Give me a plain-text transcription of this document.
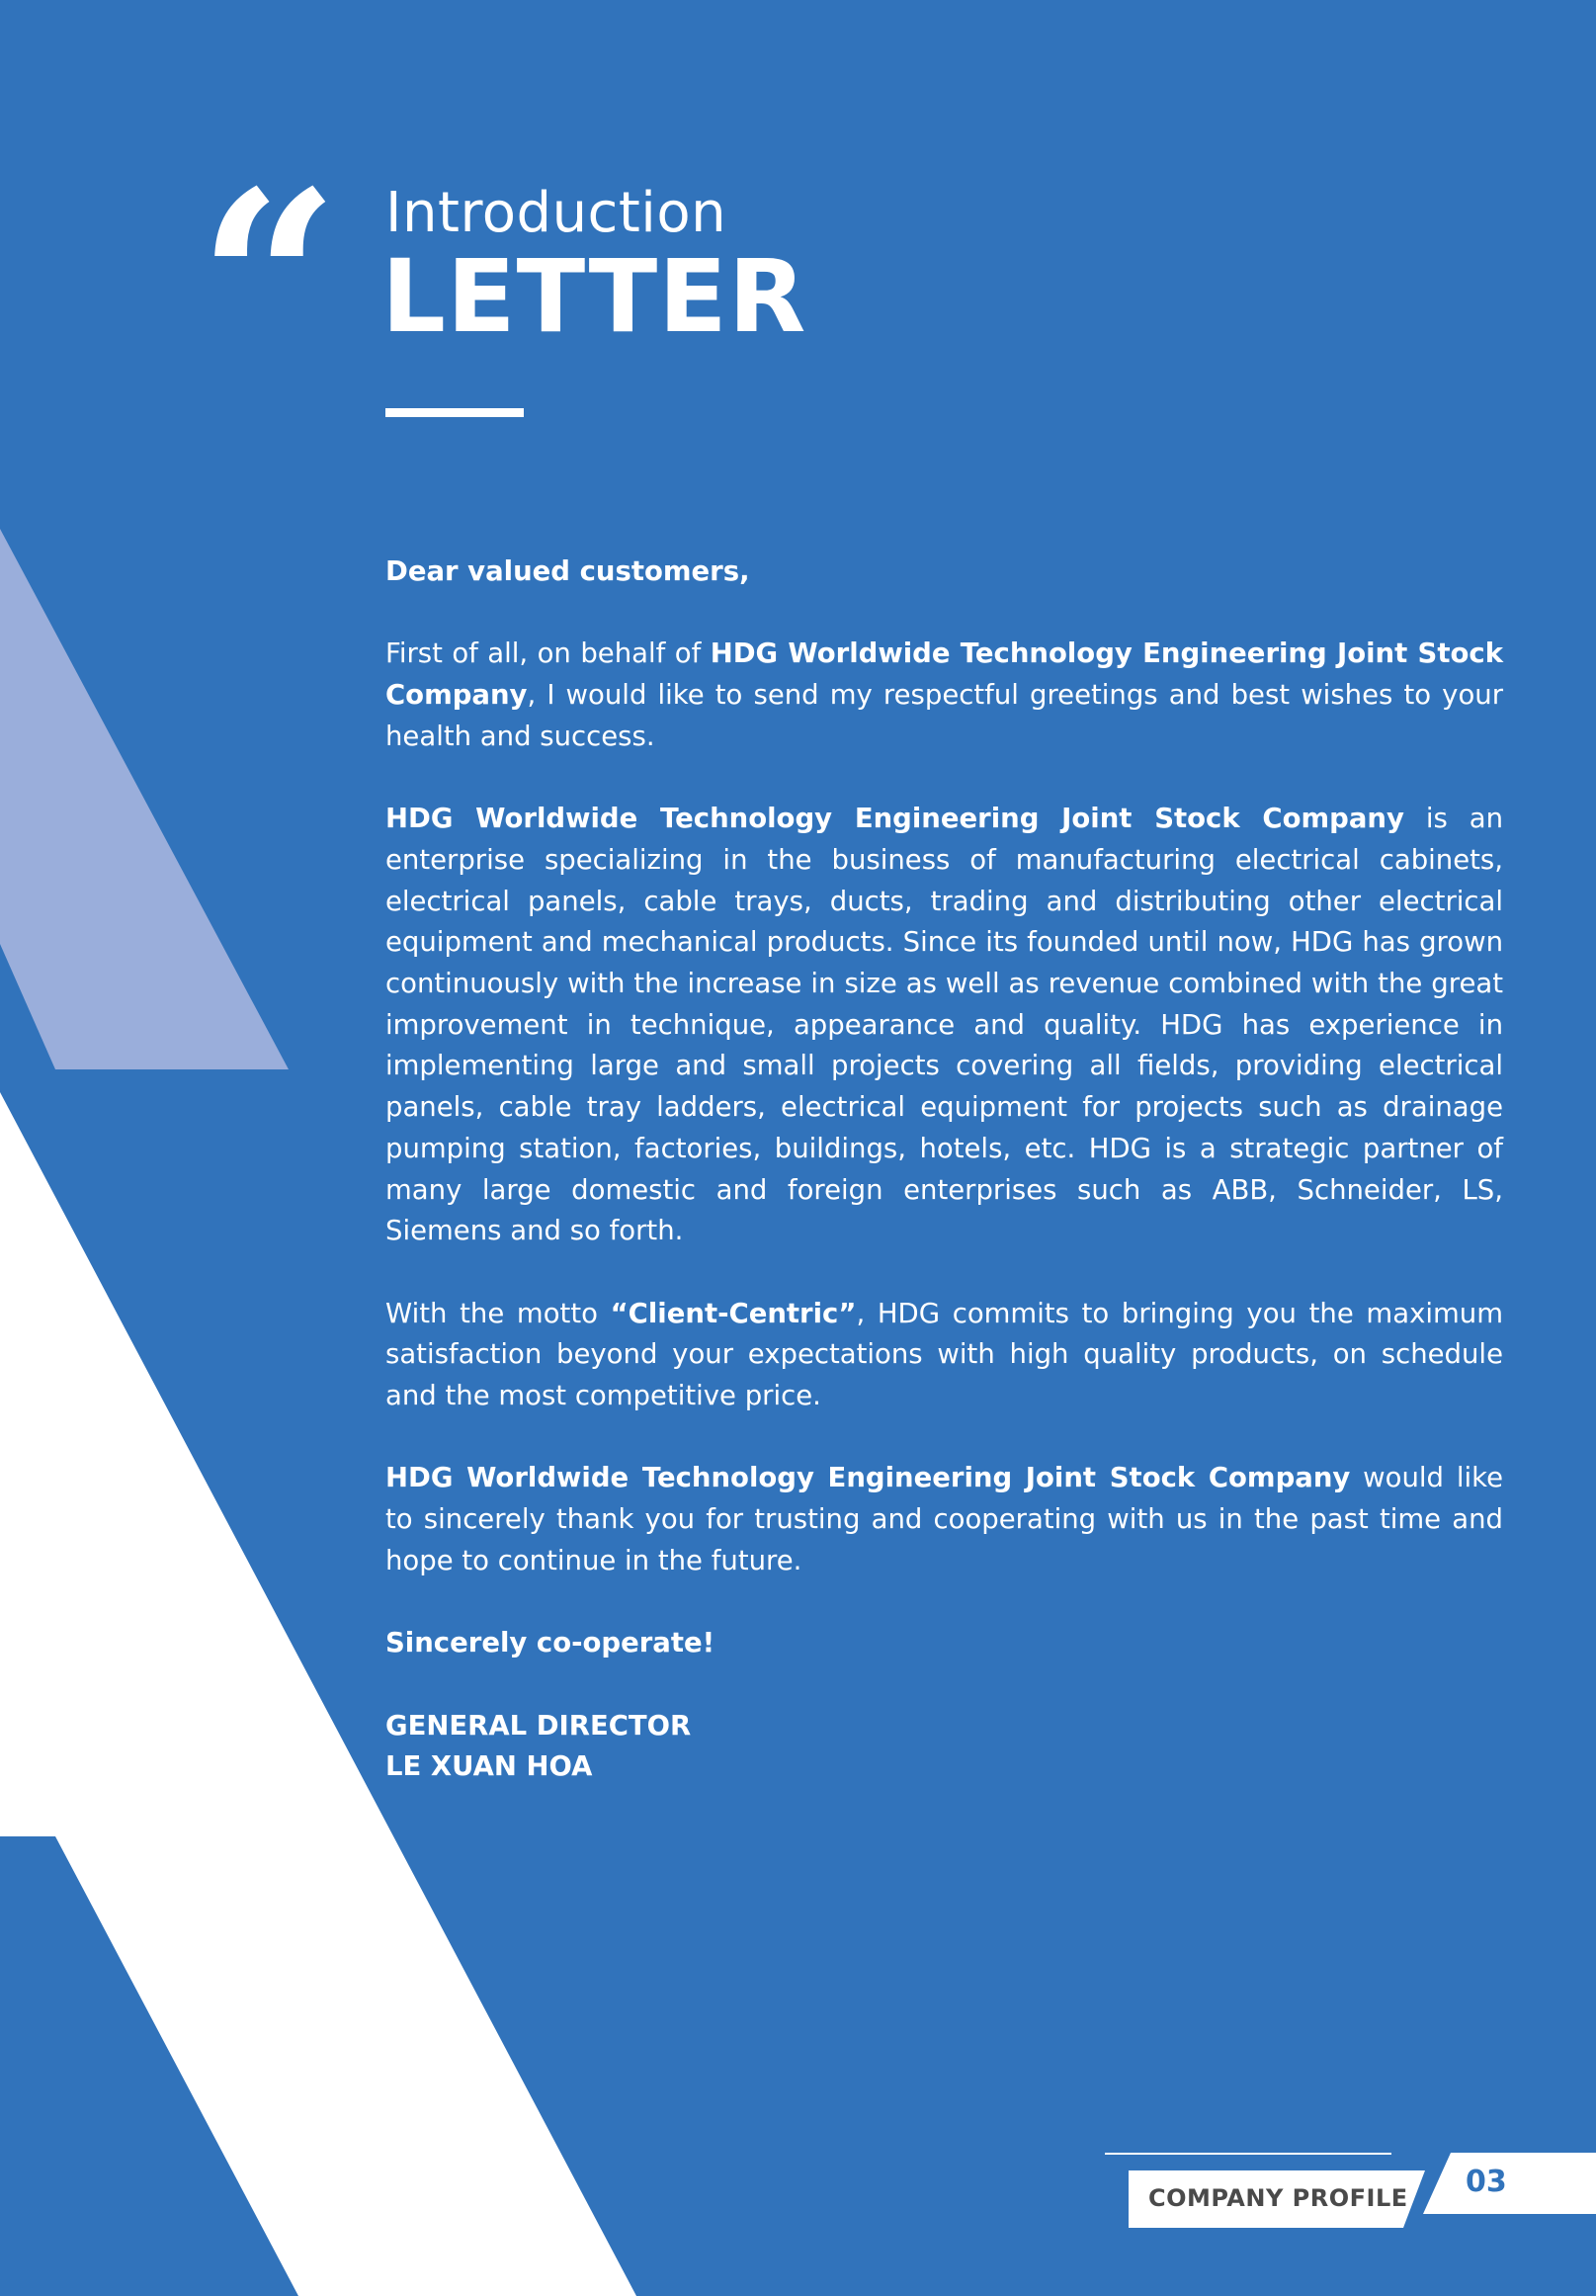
“ Introduction
LETTER

Dear valued customers,

First of all, on behalf of HDG Worldwide Technology Engineering Joint Stock Company, I would like to send my respectful greetings and best wishes to your health and success.

HDG Worldwide Technology Engineering Joint Stock Company is an enterprise specializing in the business of manufacturing electrical cabinets, electrical panels, cable trays, ducts, trading and distributing other electrical equipment and mechanical products. Since its founded until now, HDG has grown continuously with the increase in size as well as revenue combined with the great improvement in technique, appearance and quality. HDG has experience in implementing large and small projects covering all fields, providing electrical panels, cable tray ladders, electrical equipment for projects such as drainage pumping station, factories, buildings, hotels, etc. HDG is a strategic partner of many large domestic and foreign enterprises such as ABB, Schneider, LS, Siemens and so forth.

With the motto “Client-Centric”, HDG commits to bringing you the maximum satisfaction beyond your expectations with high quality products, on schedule and the most competitive price.

HDG Worldwide Technology Engineering Joint Stock Company would like to sincerely thank you for trusting and cooperating with us in the past time and hope to continue in the future.

Sincerely co-operate!

GENERAL DIRECTOR

LE XUAN HOA

COMPANY PROFILE 03
